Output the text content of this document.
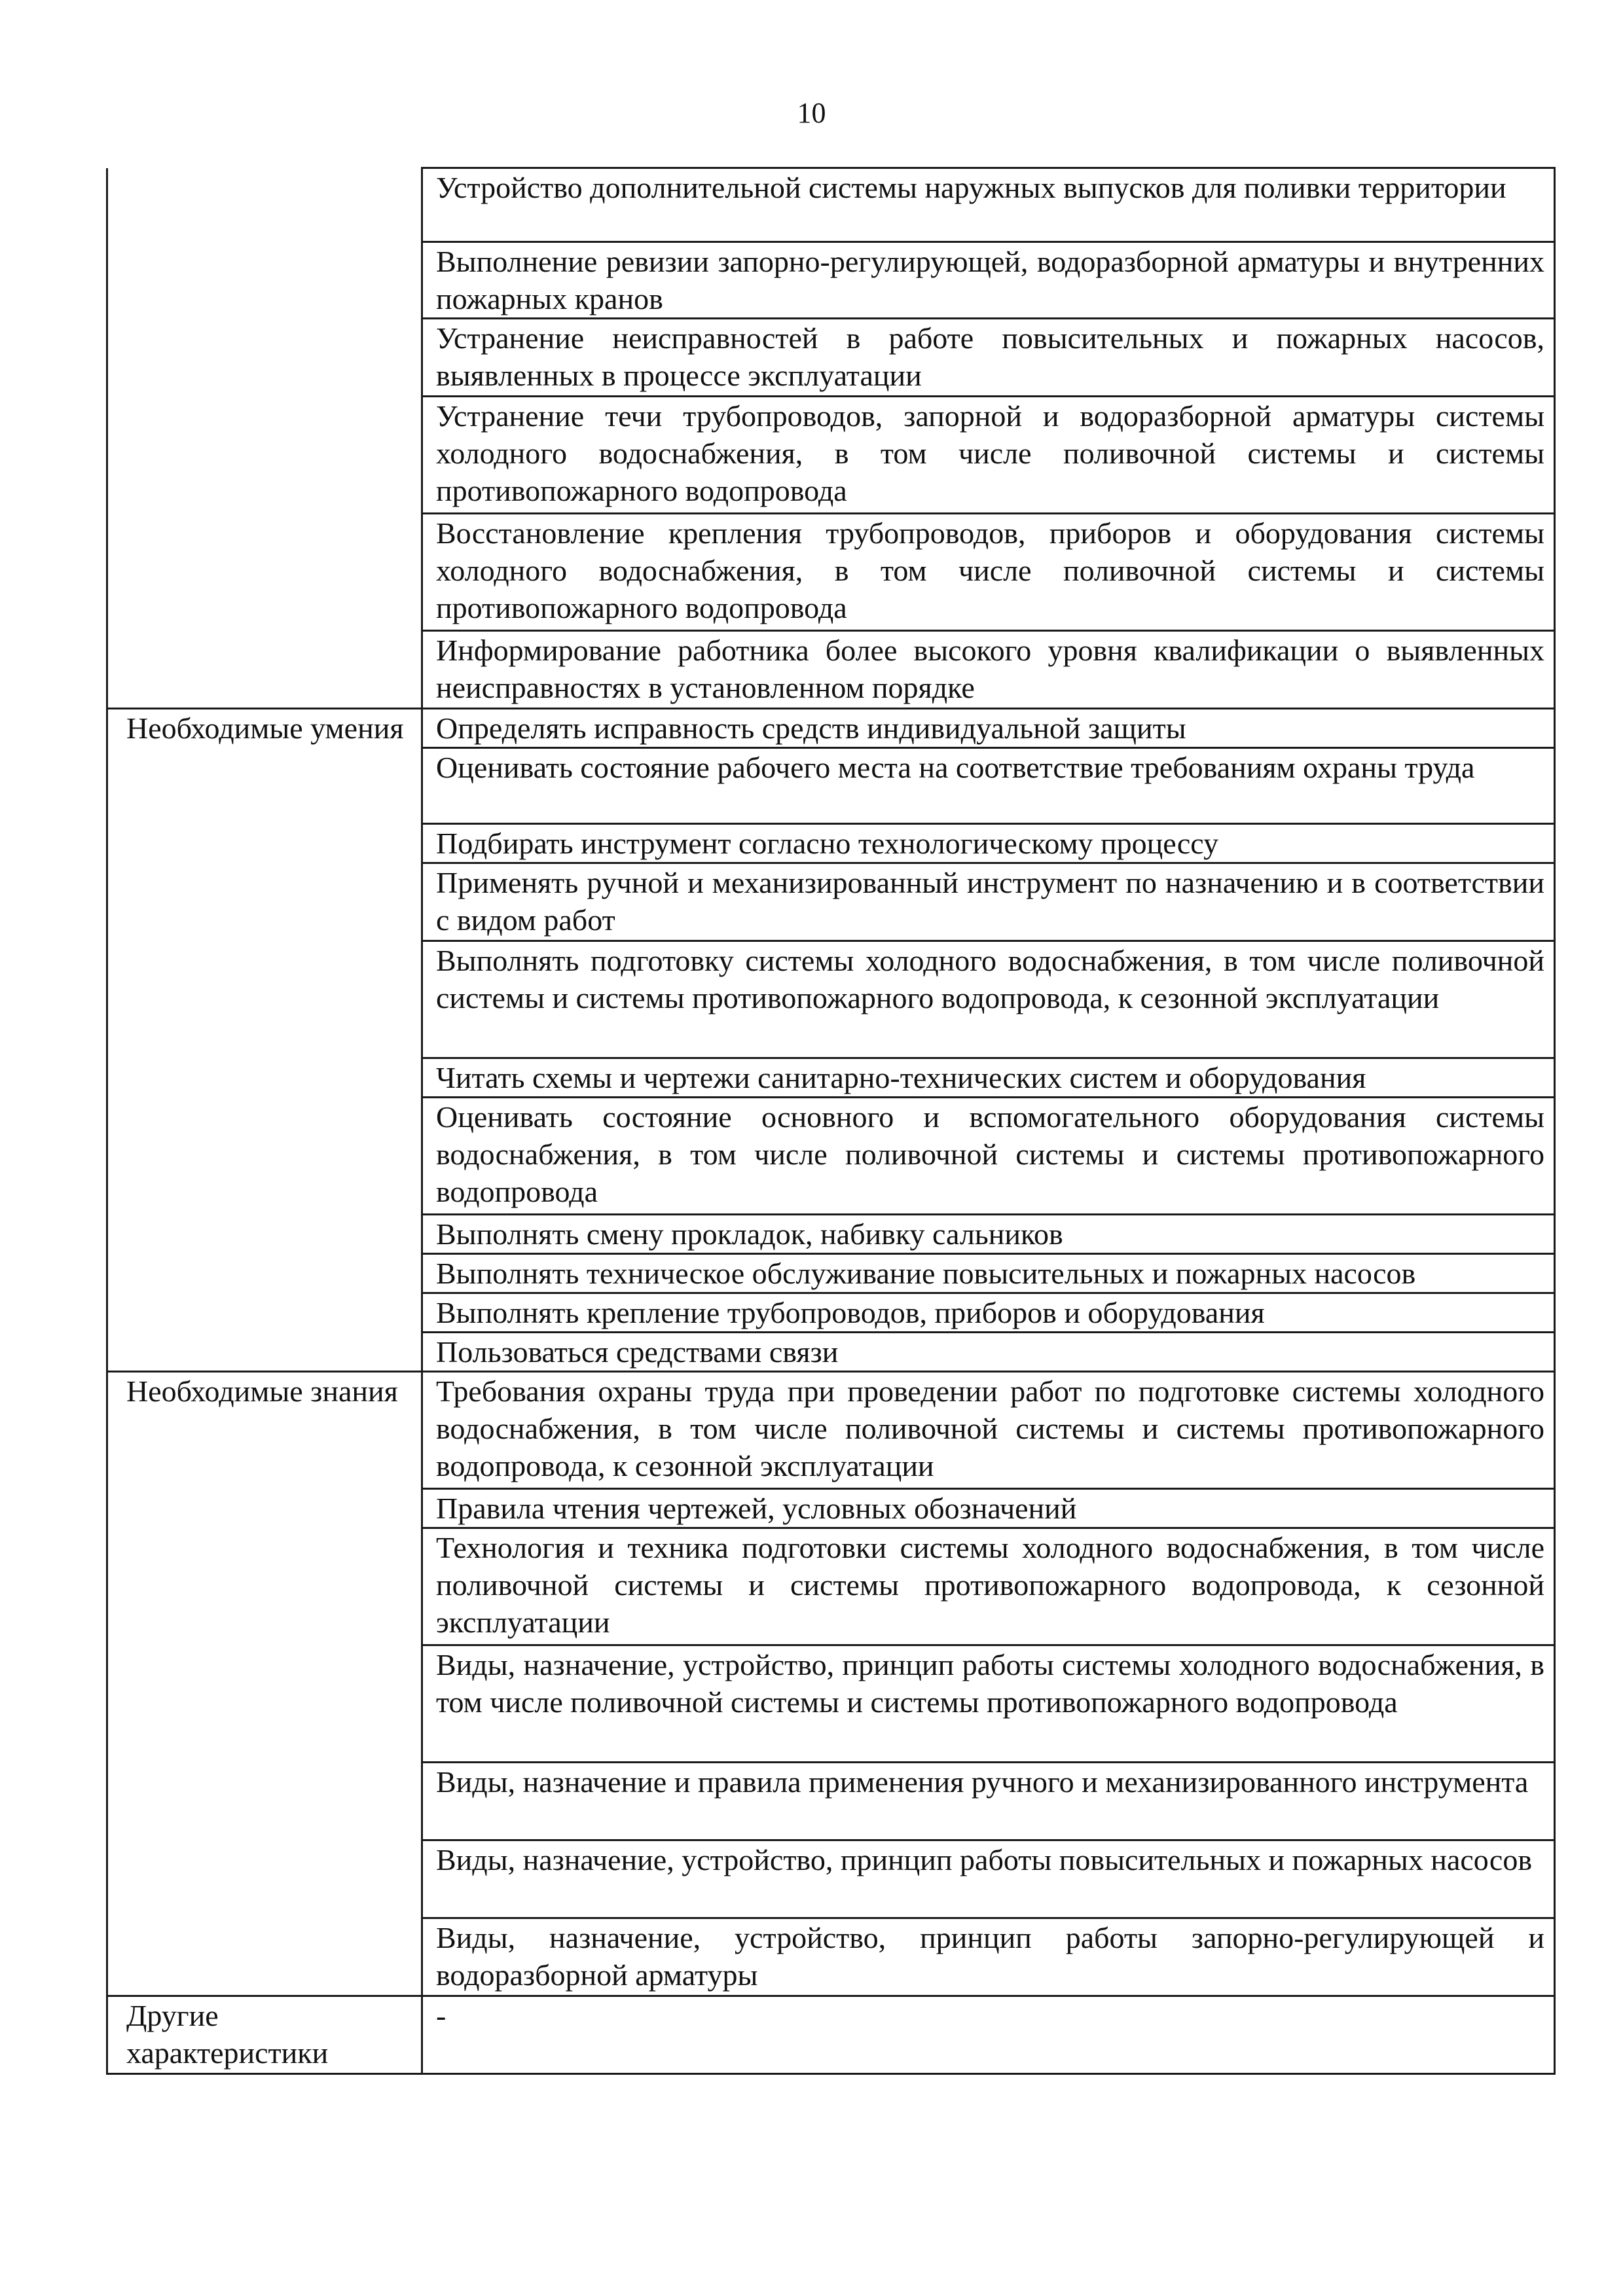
10
	Устройство дополнительной системы наружных выпусков для поливки территории
	Выполнение ревизии запорно-регулирующей, водоразборной арматуры и внутренних пожарных кранов
	Устранение неисправностей в работе повысительных и пожарных насосов, выявленных в процессе эксплуатации
	Устранение течи трубопроводов, запорной и водоразборной арматуры системы холодного водоснабжения, в том числе поливочной системы и системы противопожарного водопровода
	Восстановление крепления трубопроводов, приборов и оборудования системы холодного водоснабжения, в том числе поливочной системы и системы противопожарного водопровода
	Информирование работника более высокого уровня квалификации о выявленных неисправностях в установленном порядке
Необходимые умения	Определять исправность средств индивидуальной защиты
	Оценивать состояние рабочего места на соответствие требованиям охраны труда
	Подбирать инструмент согласно технологическому процессу
	Применять ручной и механизированный инструмент по назначению и в соответствии с видом работ
	Выполнять подготовку системы холодного водоснабжения, в том числе поливочной системы и системы противопожарного водопровода, к сезонной эксплуатации
	Читать схемы и чертежи санитарно-технических систем и оборудования
	Оценивать состояние основного и вспомогательного оборудования системы водоснабжения, в том числе поливочной системы и системы противопожарного водопровода
	Выполнять смену прокладок, набивку сальников
	Выполнять техническое обслуживание повысительных и пожарных насосов
	Выполнять крепление трубопроводов, приборов и оборудования
	Пользоваться средствами связи
Необходимые знания	Требования охраны труда при проведении работ по подготовке системы холодного водоснабжения, в том числе поливочной системы и системы противопожарного водопровода, к сезонной эксплуатации
	Правила чтения чертежей, условных обозначений
	Технология и техника подготовки системы холодного водоснабжения, в том числе поливочной системы и системы противопожарного водопровода, к сезонной эксплуатации
	Виды, назначение, устройство, принцип работы системы холодного водоснабжения, в том числе поливочной системы и системы противопожарного водопровода
	Виды, назначение и правила применения ручного и механизированного инструмента
	Виды, назначение, устройство, принцип работы повысительных и пожарных насосов
	Виды, назначение, устройство, принцип работы запорно-регулирующей и водоразборной арматуры
Другие характеристики	-
